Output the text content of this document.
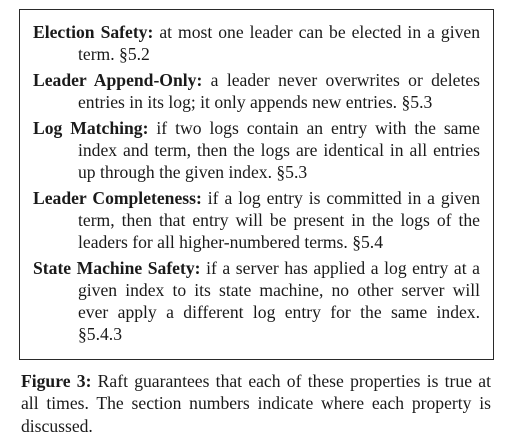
Election Safety: at most one leader can be elected in a given term. §5.2

Leader Append-Only: a leader never overwrites or deletes entries in its log; it only appends new entries. §5.3

Log Matching: if two logs contain an entry with the same index and term, then the logs are identical in all entries up through the given index. §5.3

Leader Completeness: if a log entry is committed in a given term, then that entry will be present in the logs of the leaders for all higher-numbered terms. §5.4

State Machine Safety: if a server has applied a log entry at a given index to its state machine, no other server will ever apply a different log entry for the same index. §5.4.3

Figure 3: Raft guarantees that each of these properties is true at all times. The section numbers indicate where each property is discussed.
